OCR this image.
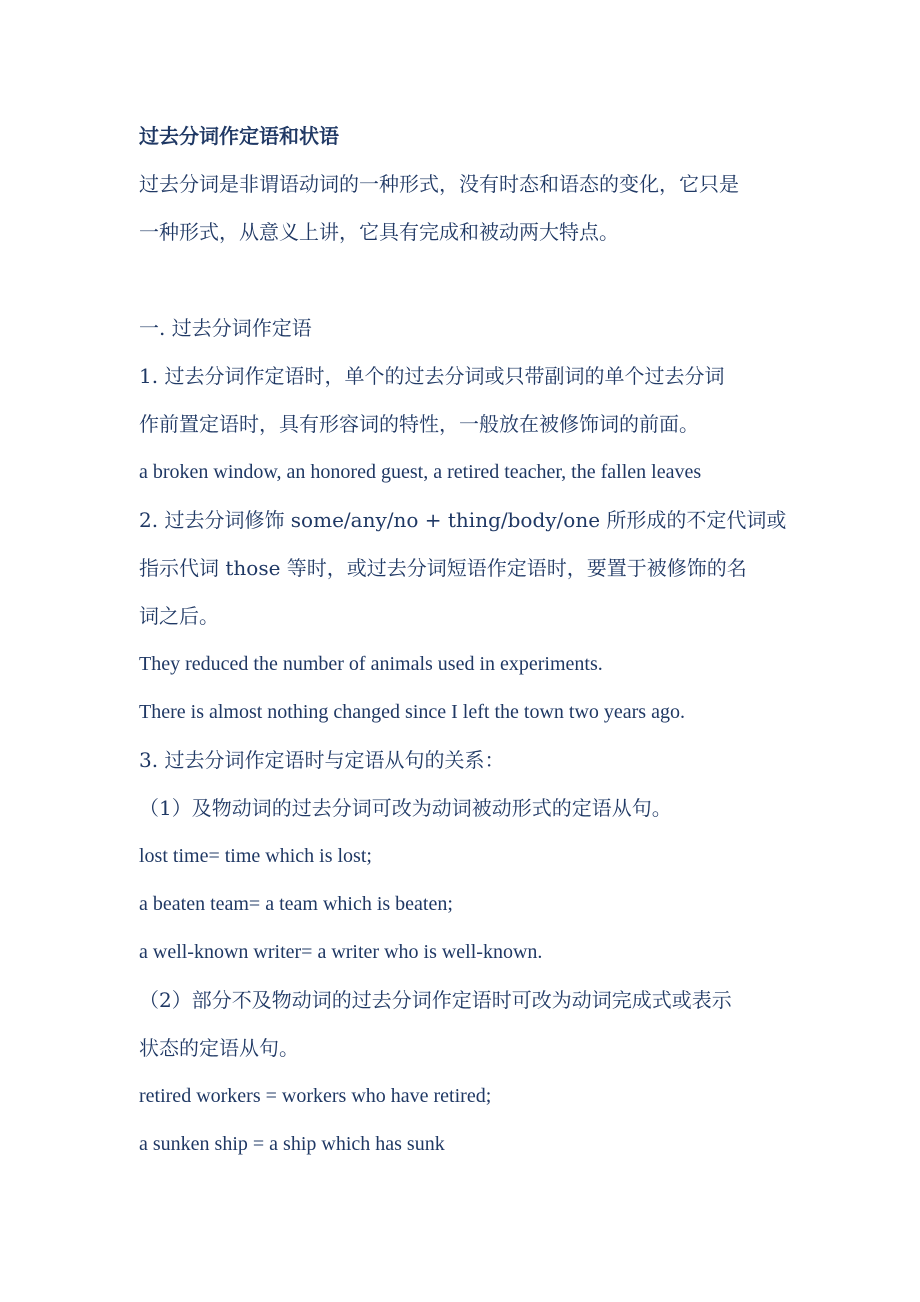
过去分词作定语和状语
过去分词是非谓语动词的一种形式，没有时态和语态的变化，它只是
一种形式，从意义上讲，它具有完成和被动两大特点。
一. 过去分词作定语
1. 过去分词作定语时，单个的过去分词或只带副词的单个过去分词
作前置定语时，具有形容词的特性，一般放在被修饰词的前面。
a broken window, an honored guest, a retired teacher, the fallen leaves
2. 过去分词修饰 some/any/no + thing/body/one 所形成的不定代词或
指示代词 those 等时，或过去分词短语作定语时，要置于被修饰的名
词之后。
They reduced the number of animals used in experiments.
There is almost nothing changed since I left the town two years ago.
3. 过去分词作定语时与定语从句的关系：
（1）及物动词的过去分词可改为动词被动形式的定语从句。
lost time= time which is lost;
a beaten team= a team which is beaten;
a well-known writer= a writer who is well-known.
（2）部分不及物动词的过去分词作定语时可改为动词完成式或表示
状态的定语从句。
retired workers = workers who have retired;
a sunken ship = a ship which has sunk
